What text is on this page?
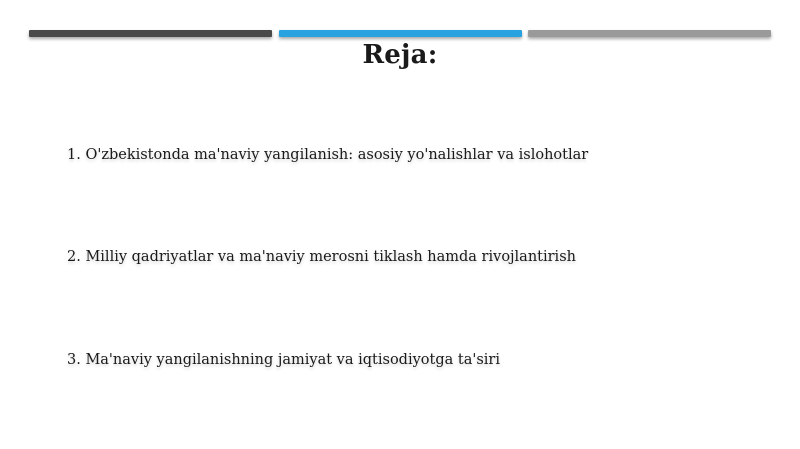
Reja:
1. O'zbekistonda ma'naviy yangilanish: asosiy yo'nalishlar va islohotlar
2. Milliy qadriyatlar va ma'naviy merosni tiklash hamda rivojlantirish
3. Ma'naviy yangilanishning jamiyat va iqtisodiyotga ta'siri
